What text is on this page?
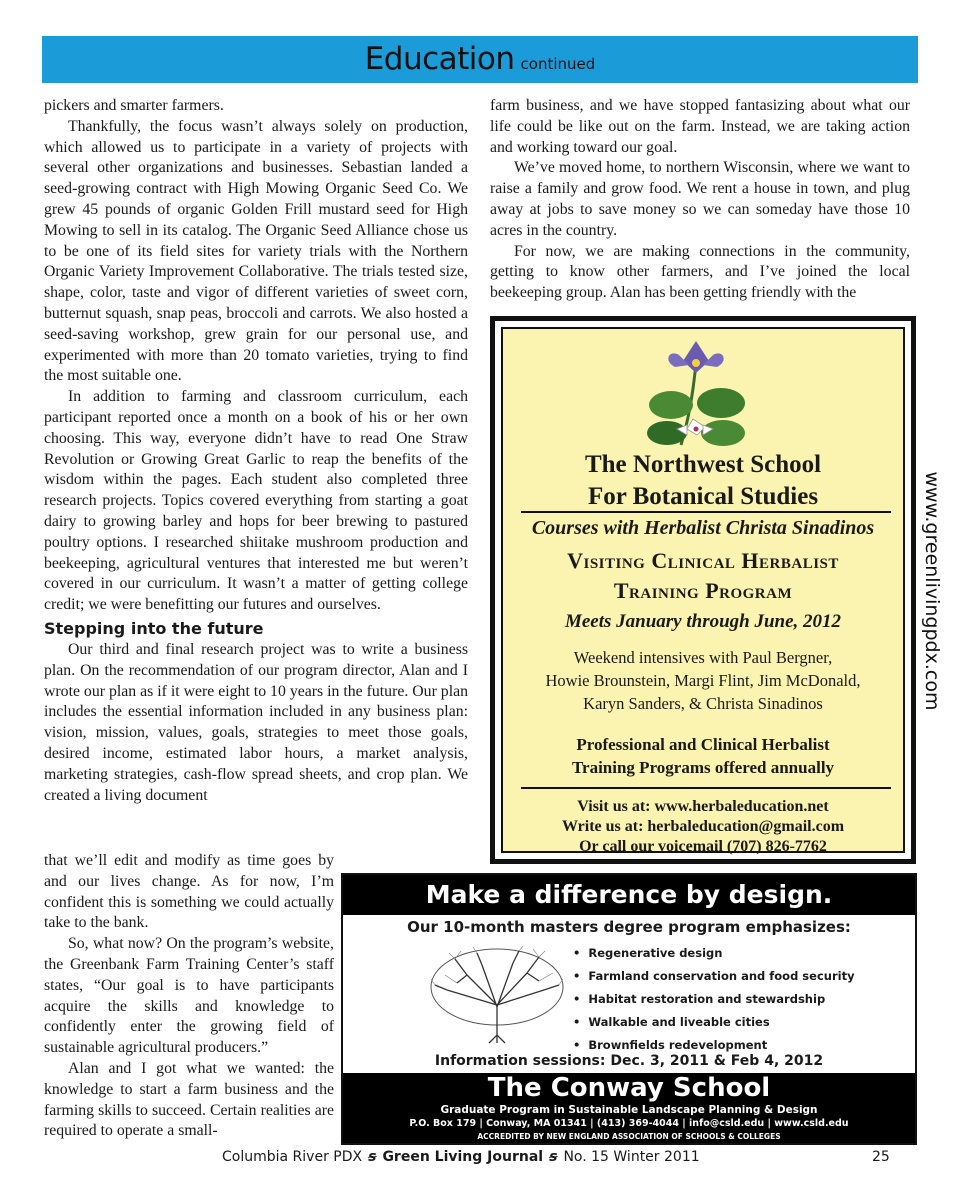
Education continued

pickers and smarter farmers.

Thankfully, the focus wasn’t always solely on production, which allowed us to participate in a variety of projects with several other organizations and businesses. Sebastian landed a seed-growing contract with High Mowing Organic Seed Co. We grew 45 pounds of organic Golden Frill mustard seed for High Mowing to sell in its catalog. The Organic Seed Alliance chose us to be one of its field sites for variety trials with the Northern Organic Variety Improvement Collaborative. The trials tested size, shape, color, taste and vigor of different varieties of sweet corn, butternut squash, snap peas, broccoli and carrots. We also hosted a seed-saving workshop, grew grain for our personal use, and experimented with more than 20 tomato varieties, trying to find the most suitable one.

In addition to farming and classroom curriculum, each participant reported once a month on a book of his or her own choosing. This way, everyone didn’t have to read One Straw Revolution or Growing Great Garlic to reap the benefits of the wisdom within the pages. Each student also completed three research projects. Topics covered everything from starting a goat dairy to growing barley and hops for beer brewing to pastured poultry options. I researched shiitake mushroom production and beekeeping, agricultural ventures that interested me but weren’t covered in our curriculum. It wasn’t a matter of getting college credit; we were benefitting our futures and ourselves.

Stepping into the future

Our third and final research project was to write a business plan. On the recommendation of our program director, Alan and I wrote our plan as if it were eight to 10 years in the future. Our plan includes the essential information included in any business plan: vision, mission, values, goals, strategies to meet those goals, desired income, estimated labor hours, a market analysis, marketing strategies, cash-flow spread sheets, and crop plan. We created a living document

that we’ll edit and modify as time goes by and our lives change. As for now, I’m confident this is something we could actually take to the bank.

So, what now? On the program’s website, the Greenbank Farm Training Center’s staff states, “Our goal is to have participants acquire the skills and knowledge to confidently enter the growing field of sustainable agricultural producers.”

Alan and I got what we wanted: the knowledge to start a farm business and the farming skills to succeed. Certain realities are required to operate a small-

farm business, and we have stopped fantasizing about what our life could be like out on the farm. Instead, we are taking action and working toward our goal.

We’ve moved home, to northern Wisconsin, where we want to raise a family and grow food. We rent a house in town, and plug away at jobs to save money so we can someday have those 10 acres in the country.

For now, we are making connections in the community, getting to know other farmers, and I’ve joined the local beekeeping group. Alan has been getting friendly with the

The Northwest School
For Botanical Studies
Courses with Herbalist Christa Sinadinos
Visiting Clinical Herbalist
Training Program
Meets January through June, 2012
Weekend intensives with Paul Bergner,
Howie Brounstein, Margi Flint, Jim McDonald,
Karyn Sanders, & Christa Sinadinos
Professional and Clinical Herbalist
Training Programs offered annually
Visit us at: www.herbaleducation.net
Write us at: herbaleducation@gmail.com
Or call our voicemail (707) 826-7762
www.greenlivingpdx.com
Make a difference by design.
Our 10-month masters degree program emphasizes:
• Regenerative design
• Farmland conservation and food security
• Habitat restoration and stewardship
• Walkable and liveable cities
• Brownfields redevelopment
Information sessions: Dec. 3, 2011 & Feb 4, 2012
The Conway School
Graduate Program in Sustainable Landscape Planning & Design
P.O. Box 179 | Conway, MA 01341 | (413) 369-4044 | info@csld.edu | www.csld.edu
ACCREDITED BY NEW ENGLAND ASSOCIATION OF SCHOOLS & COLLEGES
Columbia River PDX ꞩ Green Living Journal ꞩ No. 15 Winter 2011	25
